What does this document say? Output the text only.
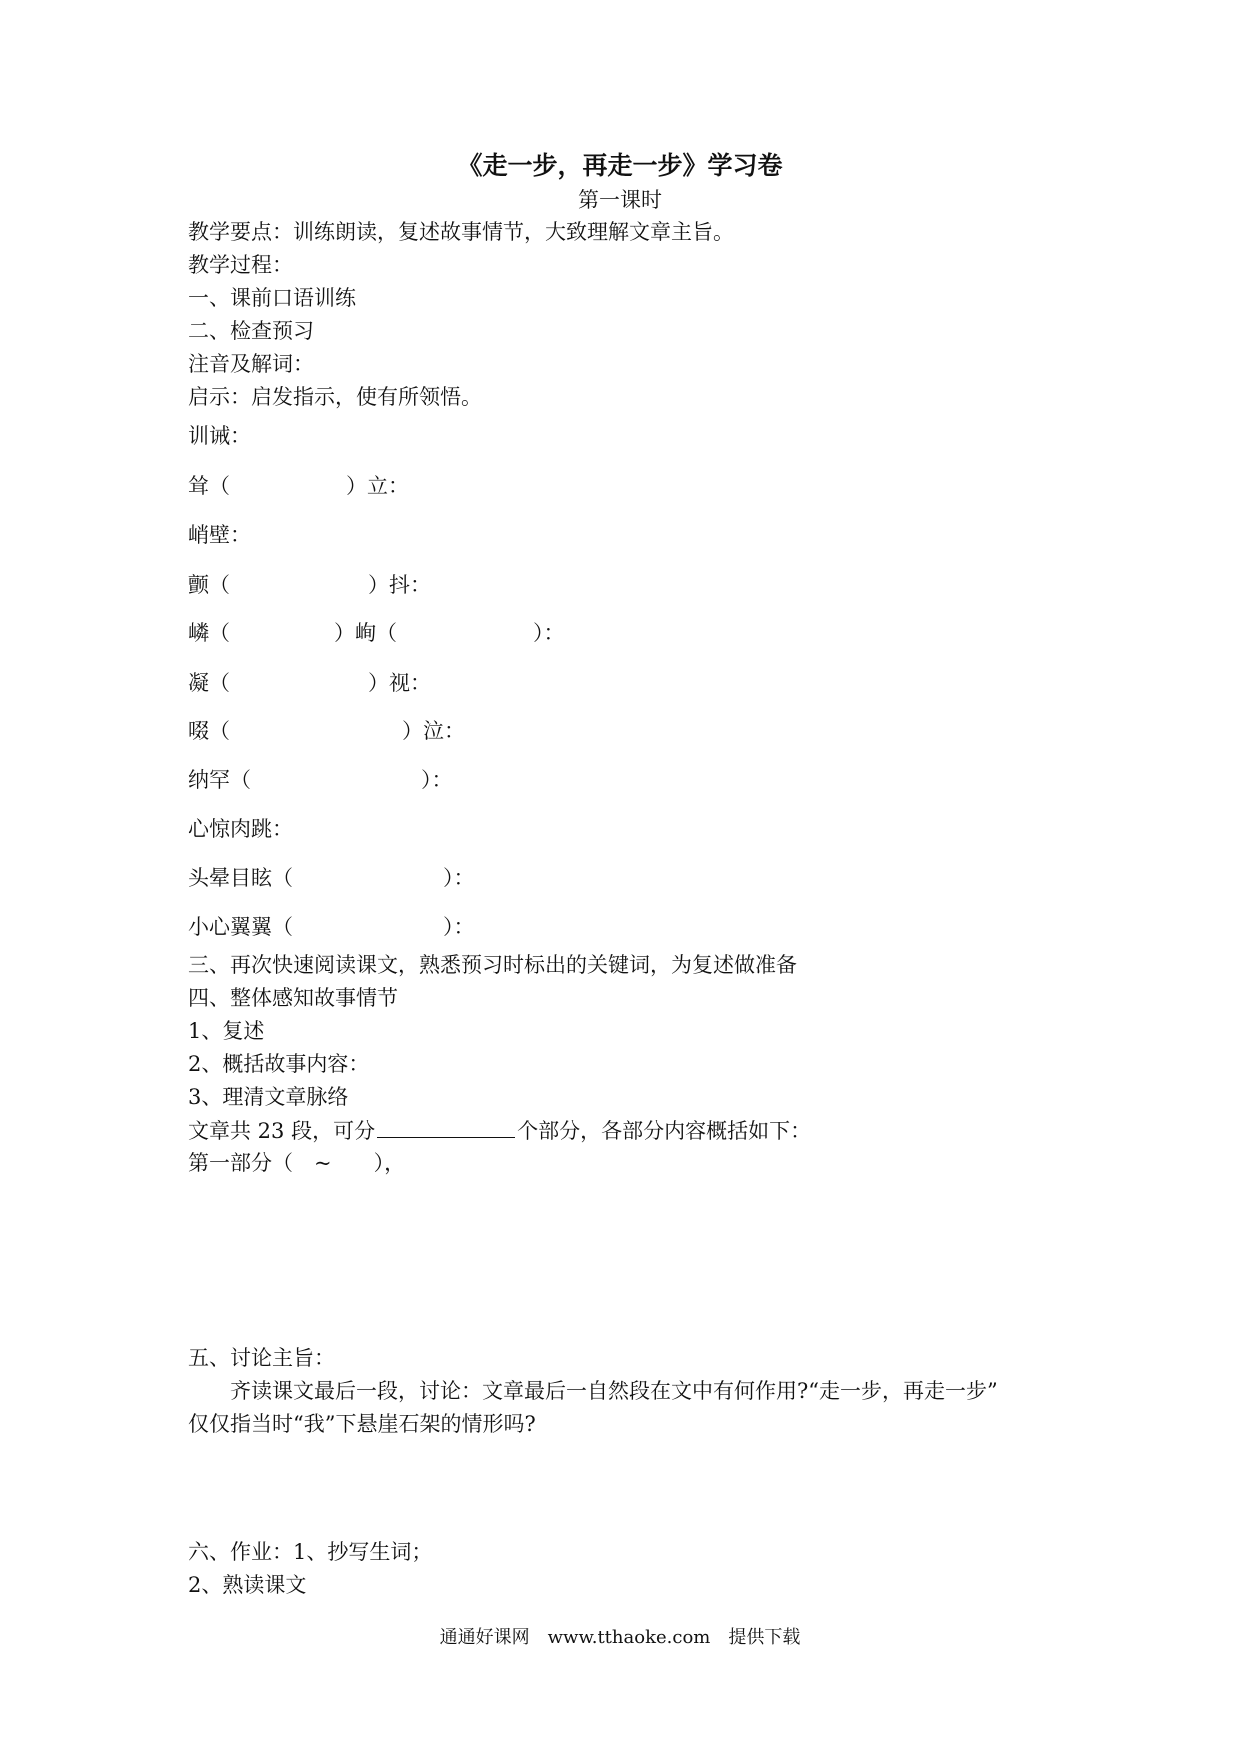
《走一步，再走一步》学习卷
第一课时
教学要点：训练朗读，复述故事情节，大致理解文章主旨。
教学过程：
一、课前口语训练
二、检查预习
注音及解词：
启示：启发指示，使有所领悟。
训诫：
耸（	）立：
峭壁：
颤（	）抖：
嶙（	）峋（	）：
凝（	）视：
啜（	）泣：
纳罕（	）：
心惊肉跳：
头晕目眩（	）：
小心翼翼（	）：
三、再次快速阅读课文，熟悉预习时标出的关键词，为复述做准备
四、整体感知故事情节
1、复述
2、概括故事内容：
3、理清文章脉络
文章共 23 段，可分	个部分，各部分内容概括如下：
第一部分（　~　　），
五、讨论主旨：
齐读课文最后一段，讨论：文章最后一自然段在文中有何作用?“走一步，再走一步”
仅仅指当时“我”下悬崖石架的情形吗?
六、作业：1、抄写生词；
2、熟读课文
通通好课网　www.tthaoke.com　提供下载
